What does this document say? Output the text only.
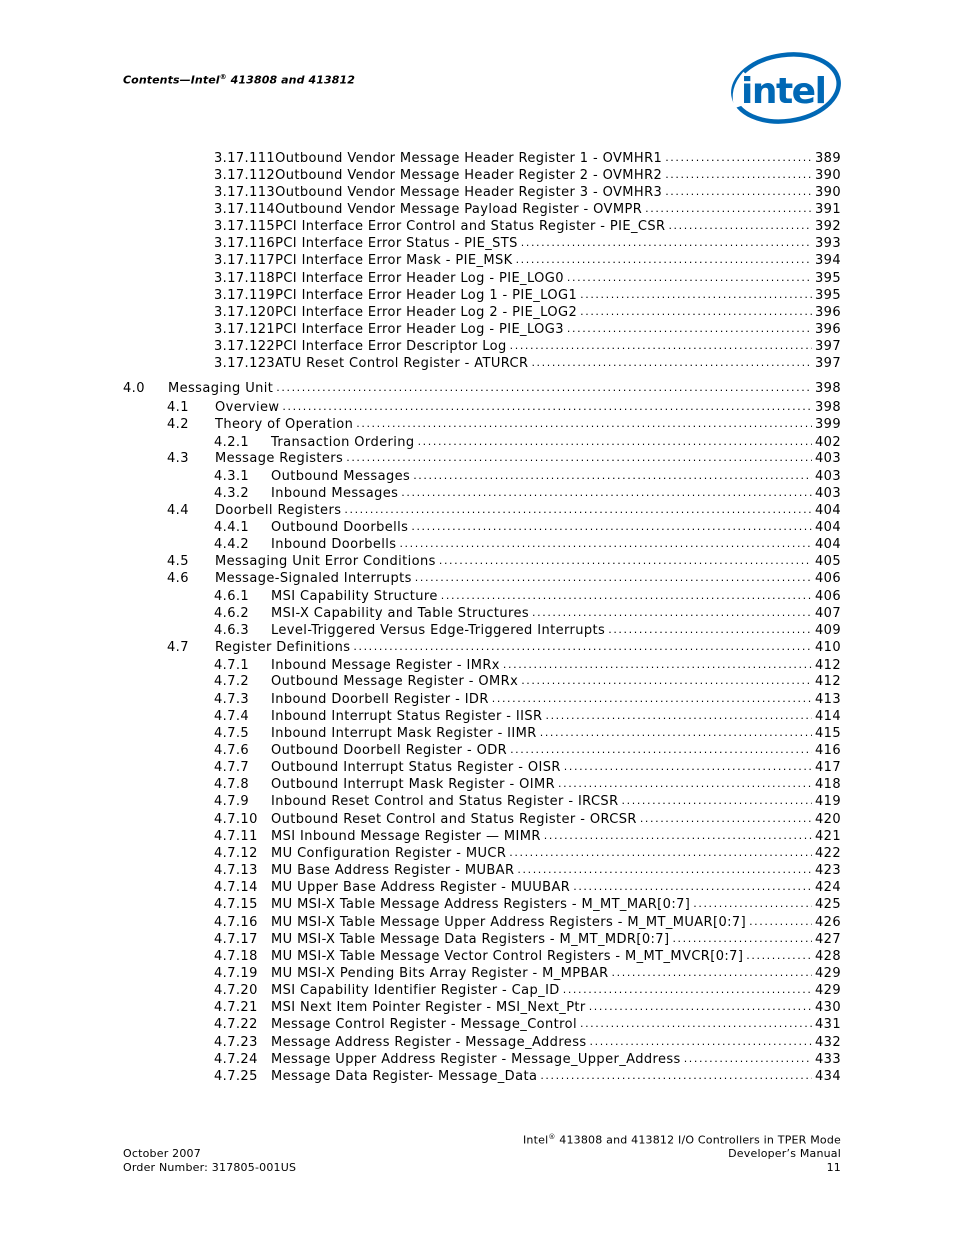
Contents—Intel® 413808 and 413812	intel
3.17.111 Outbound Vendor Message Header Register 1 - OVMHR1 .....	389
3.17.112 Outbound Vendor Message Header Register 2 - OVMHR2 .....	390
3.17.113 Outbound Vendor Message Header Register 3 - OVMHR3 .....	390
3.17.114 Outbound Vendor Message Payload Register - OVMPR .....	391
3.17.115 PCI Interface Error Control and Status Register - PIE_CSR .....	392
3.17.116 PCI Interface Error Status - PIE_STS .....	393
3.17.117 PCI Interface Error Mask - PIE_MSK .....	394
3.17.118 PCI Interface Error Header Log - PIE_LOG0 .....	395
3.17.119 PCI Interface Error Header Log 1 - PIE_LOG1 .....	395
3.17.120 PCI Interface Error Header Log 2 - PIE_LOG2 .....	396
3.17.121 PCI Interface Error Header Log - PIE_LOG3 .....	396
3.17.122 PCI Interface Error Descriptor Log .....	397
3.17.123 ATU Reset Control Register - ATURCR .....	397
4.0	Messaging Unit .....	398
4.1	Overview .....	398
4.2	Theory of Operation .....	399
4.2.1	Transaction Ordering .....	402
4.3	Message Registers .....	403
4.3.1	Outbound Messages .....	403
4.3.2	Inbound Messages .....	403
4.4	Doorbell Registers .....	404
4.4.1	Outbound Doorbells .....	404
4.4.2	Inbound Doorbells .....	404
4.5	Messaging Unit Error Conditions .....	405
4.6	Message-Signaled Interrupts .....	406
4.6.1	MSI Capability Structure .....	406
4.6.2	MSI-X Capability and Table Structures .....	407
4.6.3	Level-Triggered Versus Edge-Triggered Interrupts .....	409
4.7	Register Definitions .....	410
4.7.1	Inbound Message Register - IMRx .....	412
4.7.2	Outbound Message Register - OMRx .....	412
4.7.3	Inbound Doorbell Register - IDR .....	413
4.7.4	Inbound Interrupt Status Register - IISR .....	414
4.7.5	Inbound Interrupt Mask Register - IIMR .....	415
4.7.6	Outbound Doorbell Register - ODR .....	416
4.7.7	Outbound Interrupt Status Register - OISR .....	417
4.7.8	Outbound Interrupt Mask Register - OIMR .....	418
4.7.9	Inbound Reset Control and Status Register - IRCSR .....	419
4.7.10	Outbound Reset Control and Status Register - ORCSR .....	420
4.7.11	MSI Inbound Message Register — MIMR .....	421
4.7.12	MU Configuration Register - MUCR .....	422
4.7.13	MU Base Address Register - MUBAR .....	423
4.7.14	MU Upper Base Address Register - MUUBAR .....	424
4.7.15	MU MSI-X Table Message Address Registers - M_MT_MAR[0:7] .....	425
4.7.16	MU MSI-X Table Message Upper Address Registers - M_MT_MUAR[0:7] .....	426
4.7.17	MU MSI-X Table Message Data Registers - M_MT_MDR[0:7] .....	427
4.7.18	MU MSI-X Table Message Vector Control Registers - M_MT_MVCR[0:7] .....	428
4.7.19	MU MSI-X Pending Bits Array Register - M_MPBAR .....	429
4.7.20	MSI Capability Identifier Register - Cap_ID .....	429
4.7.21	MSI Next Item Pointer Register - MSI_Next_Ptr .....	430
4.7.22	Message Control Register - Message_Control .....	431
4.7.23	Message Address Register - Message_Address .....	432
4.7.24	Message Upper Address Register - Message_Upper_Address .....	433
4.7.25	Message Data Register- Message_Data .....	434
October 2007
Order Number: 317805-001US
Intel® 413808 and 413812 I/O Controllers in TPER Mode
Developer’s Manual
11
